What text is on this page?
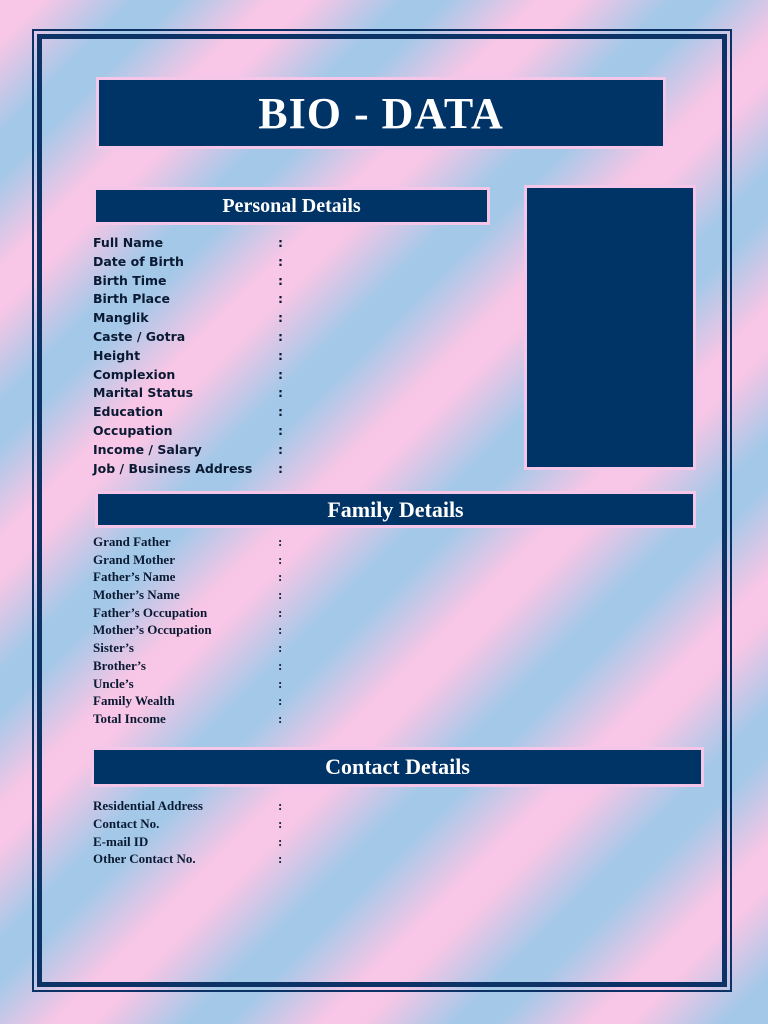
BIO - DATA
Personal Details
Full Name	:
Date of Birth	:
Birth Time	:
Birth Place	:
Manglik	:
Caste / Gotra	:
Height	:
Complexion	:
Marital Status	:
Education	:
Occupation	:
Income / Salary	:
Job / Business Address :
Family Details
Grand Father	:
Grand Mother	:
Father’s Name	:
Mother’s Name	:
Father’s Occupation	:
Mother’s Occupation	:
Sister’s	:
Brother’s	:
Uncle’s	:
Family Wealth	:
Total Income	:
Contact Details
Residential Address	:
Contact No.	:
E-mail ID	:
Other Contact No.	:
